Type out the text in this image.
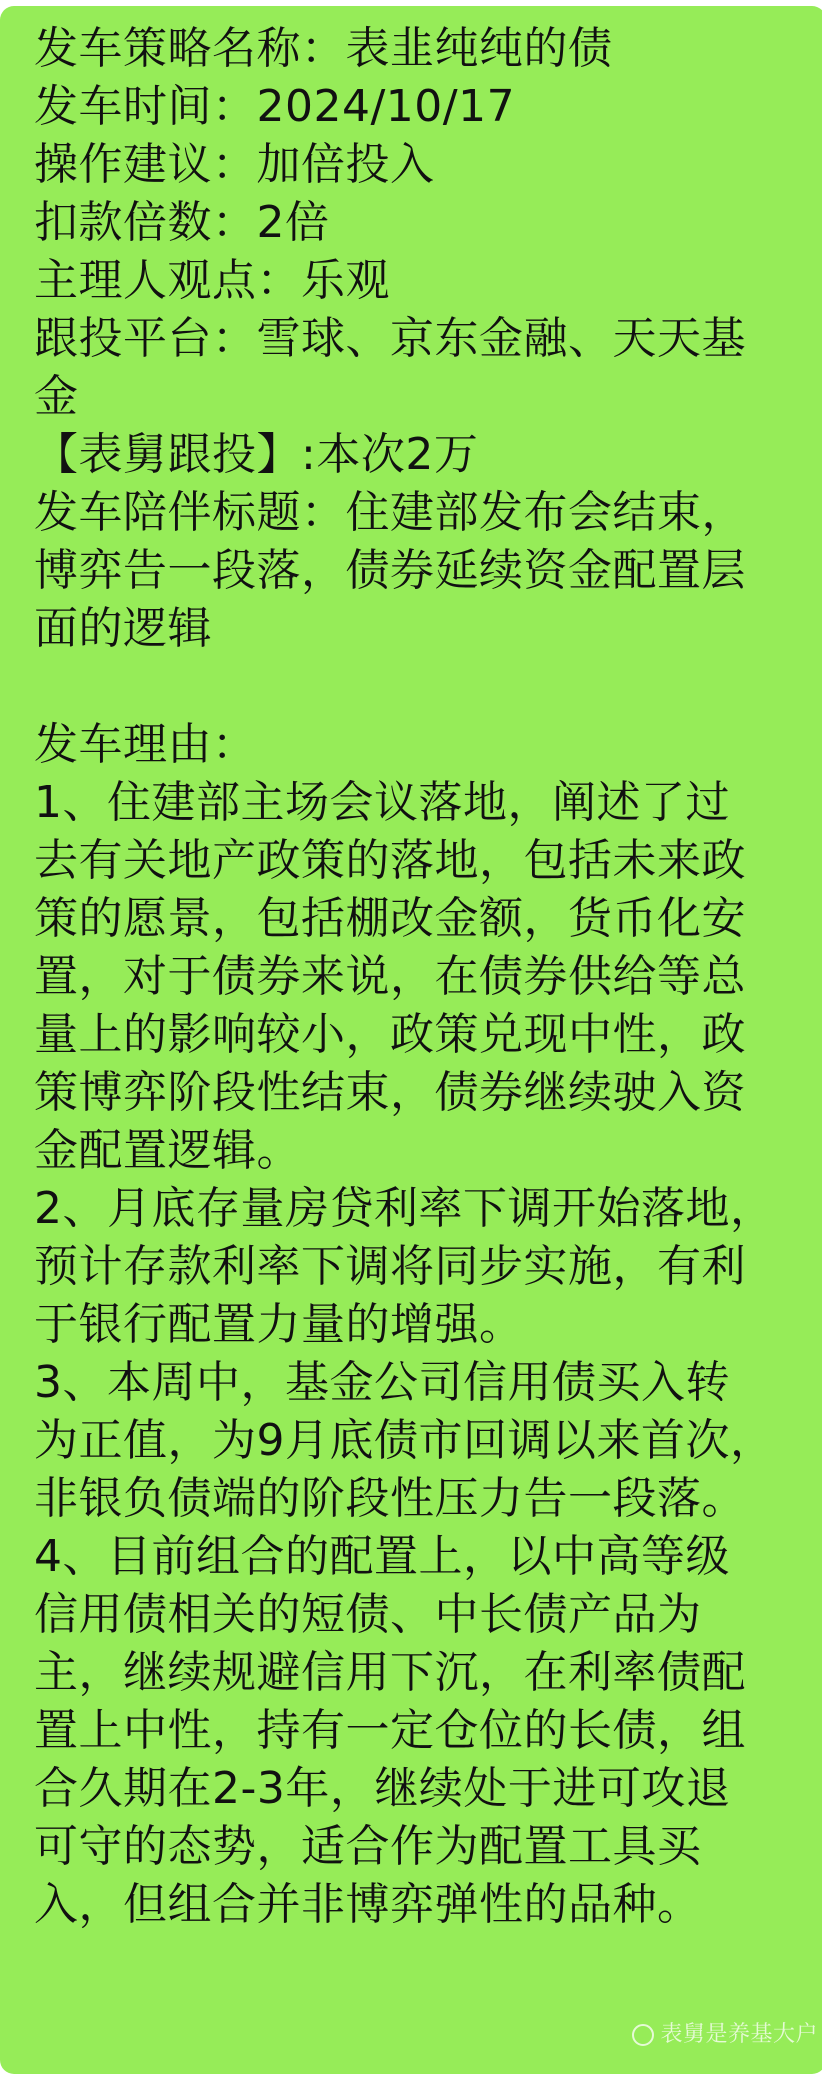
发车策略名称：表韭纯纯的债
发车时间：2024/10/17
操作建议：加倍投入
扣款倍数：2倍
主理人观点：乐观
跟投平台：雪球、京东金融、天天基
金
【表舅跟投】:本次2万
发车陪伴标题：住建部发布会结束，
博弈告一段落，债券延续资金配置层
面的逻辑
发车理由：
1、住建部主场会议落地，阐述了过
去有关地产政策的落地，包括未来政
策的愿景，包括棚改金额，货币化安
置，对于债券来说，在债券供给等总
量上的影响较小，政策兑现中性，政
策博弈阶段性结束，债券继续驶入资
金配置逻辑。
2、月底存量房贷利率下调开始落地，
预计存款利率下调将同步实施，有利
于银行配置力量的增强。
3、本周中，基金公司信用债买入转
为正值，为9月底债市回调以来首次，
非银负债端的阶段性压力告一段落。
4、目前组合的配置上，以中高等级
信用债相关的短债、中长债产品为
主，继续规避信用下沉，在利率债配
置上中性，持有一定仓位的长债，组
合久期在2-3年，继续处于进可攻退
可守的态势，适合作为配置工具买
入，但组合并非博弈弹性的品种。
表舅是养基大户
